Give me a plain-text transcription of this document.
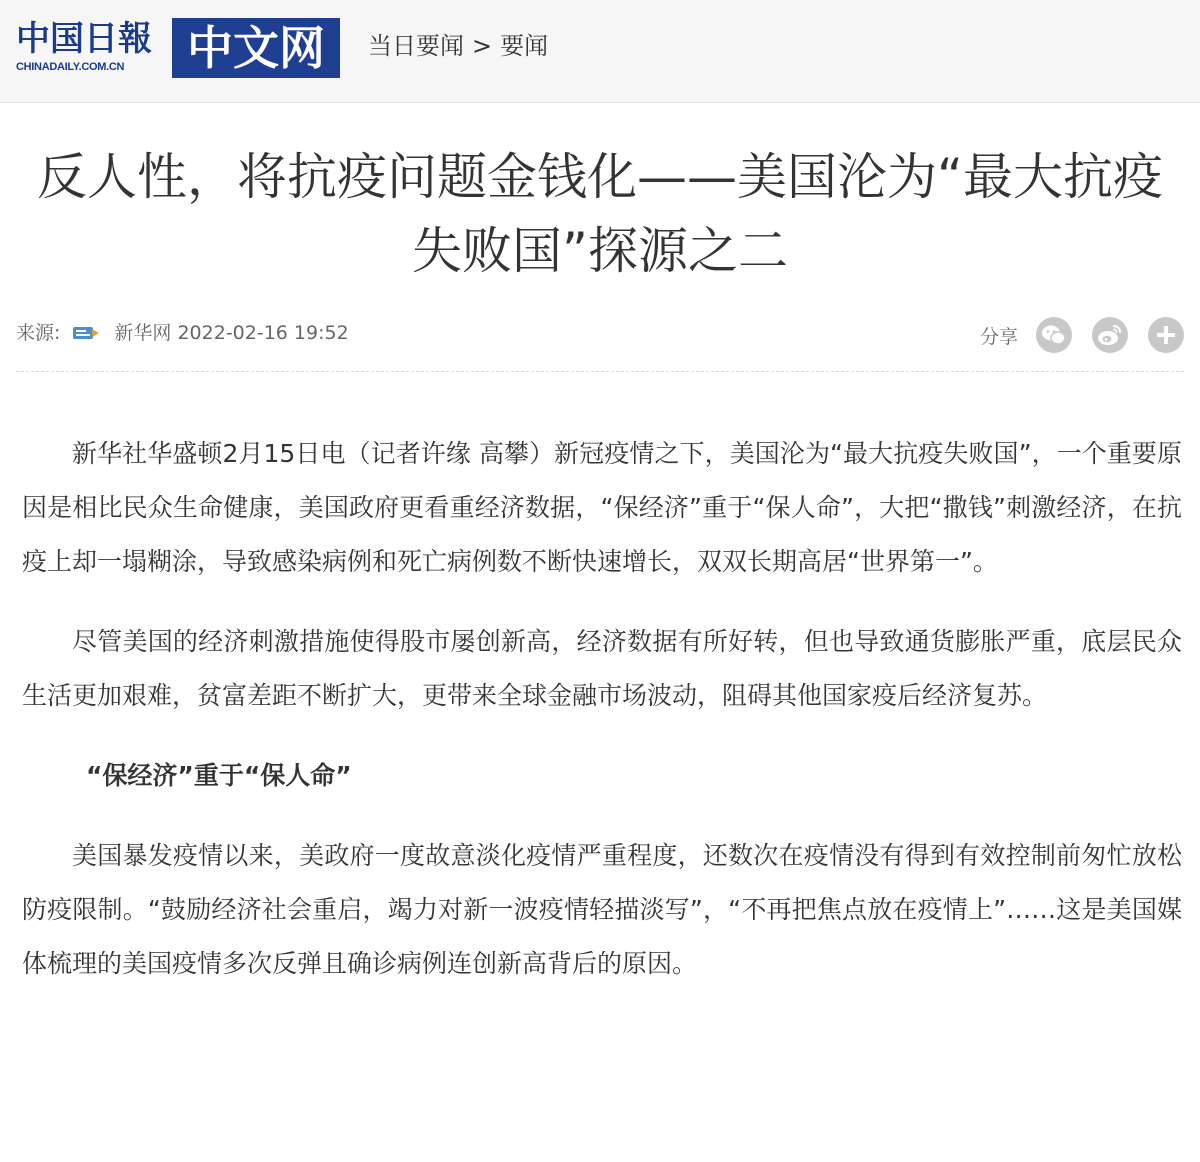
中国日報
CHINADAILY.COM.CN	中文网	当日要闻 > 要闻
反人性，将抗疫问题金钱化——美国沦为“最大抗疫失败国”探源之二
来源:	新华网 2022-02-16 19:52	分享

新华社华盛顿2月15日电（记者许缘 高攀）新冠疫情之下，美国沦为“最大抗疫失败国”，一个重要原因是相比民众生命健康，美国政府更看重经济数据，“保经济”重于“保人命”，大把“撒钱”刺激经济，在抗疫上却一塌糊涂，导致感染病例和死亡病例数不断快速增长，双双长期高居“世界第一”。

尽管美国的经济刺激措施使得股市屡创新高，经济数据有所好转，但也导致通货膨胀严重，底层民众生活更加艰难，贫富差距不断扩大，更带来全球金融市场波动，阻碍其他国家疫后经济复苏。

“保经济”重于“保人命”

美国暴发疫情以来，美政府一度故意淡化疫情严重程度，还数次在疫情没有得到有效控制前匆忙放松防疫限制。“鼓励经济社会重启，竭力对新一波疫情轻描淡写”，“不再把焦点放在疫情上”……这是美国媒体梳理的美国疫情多次反弹且确诊病例连创新高背后的原因。
